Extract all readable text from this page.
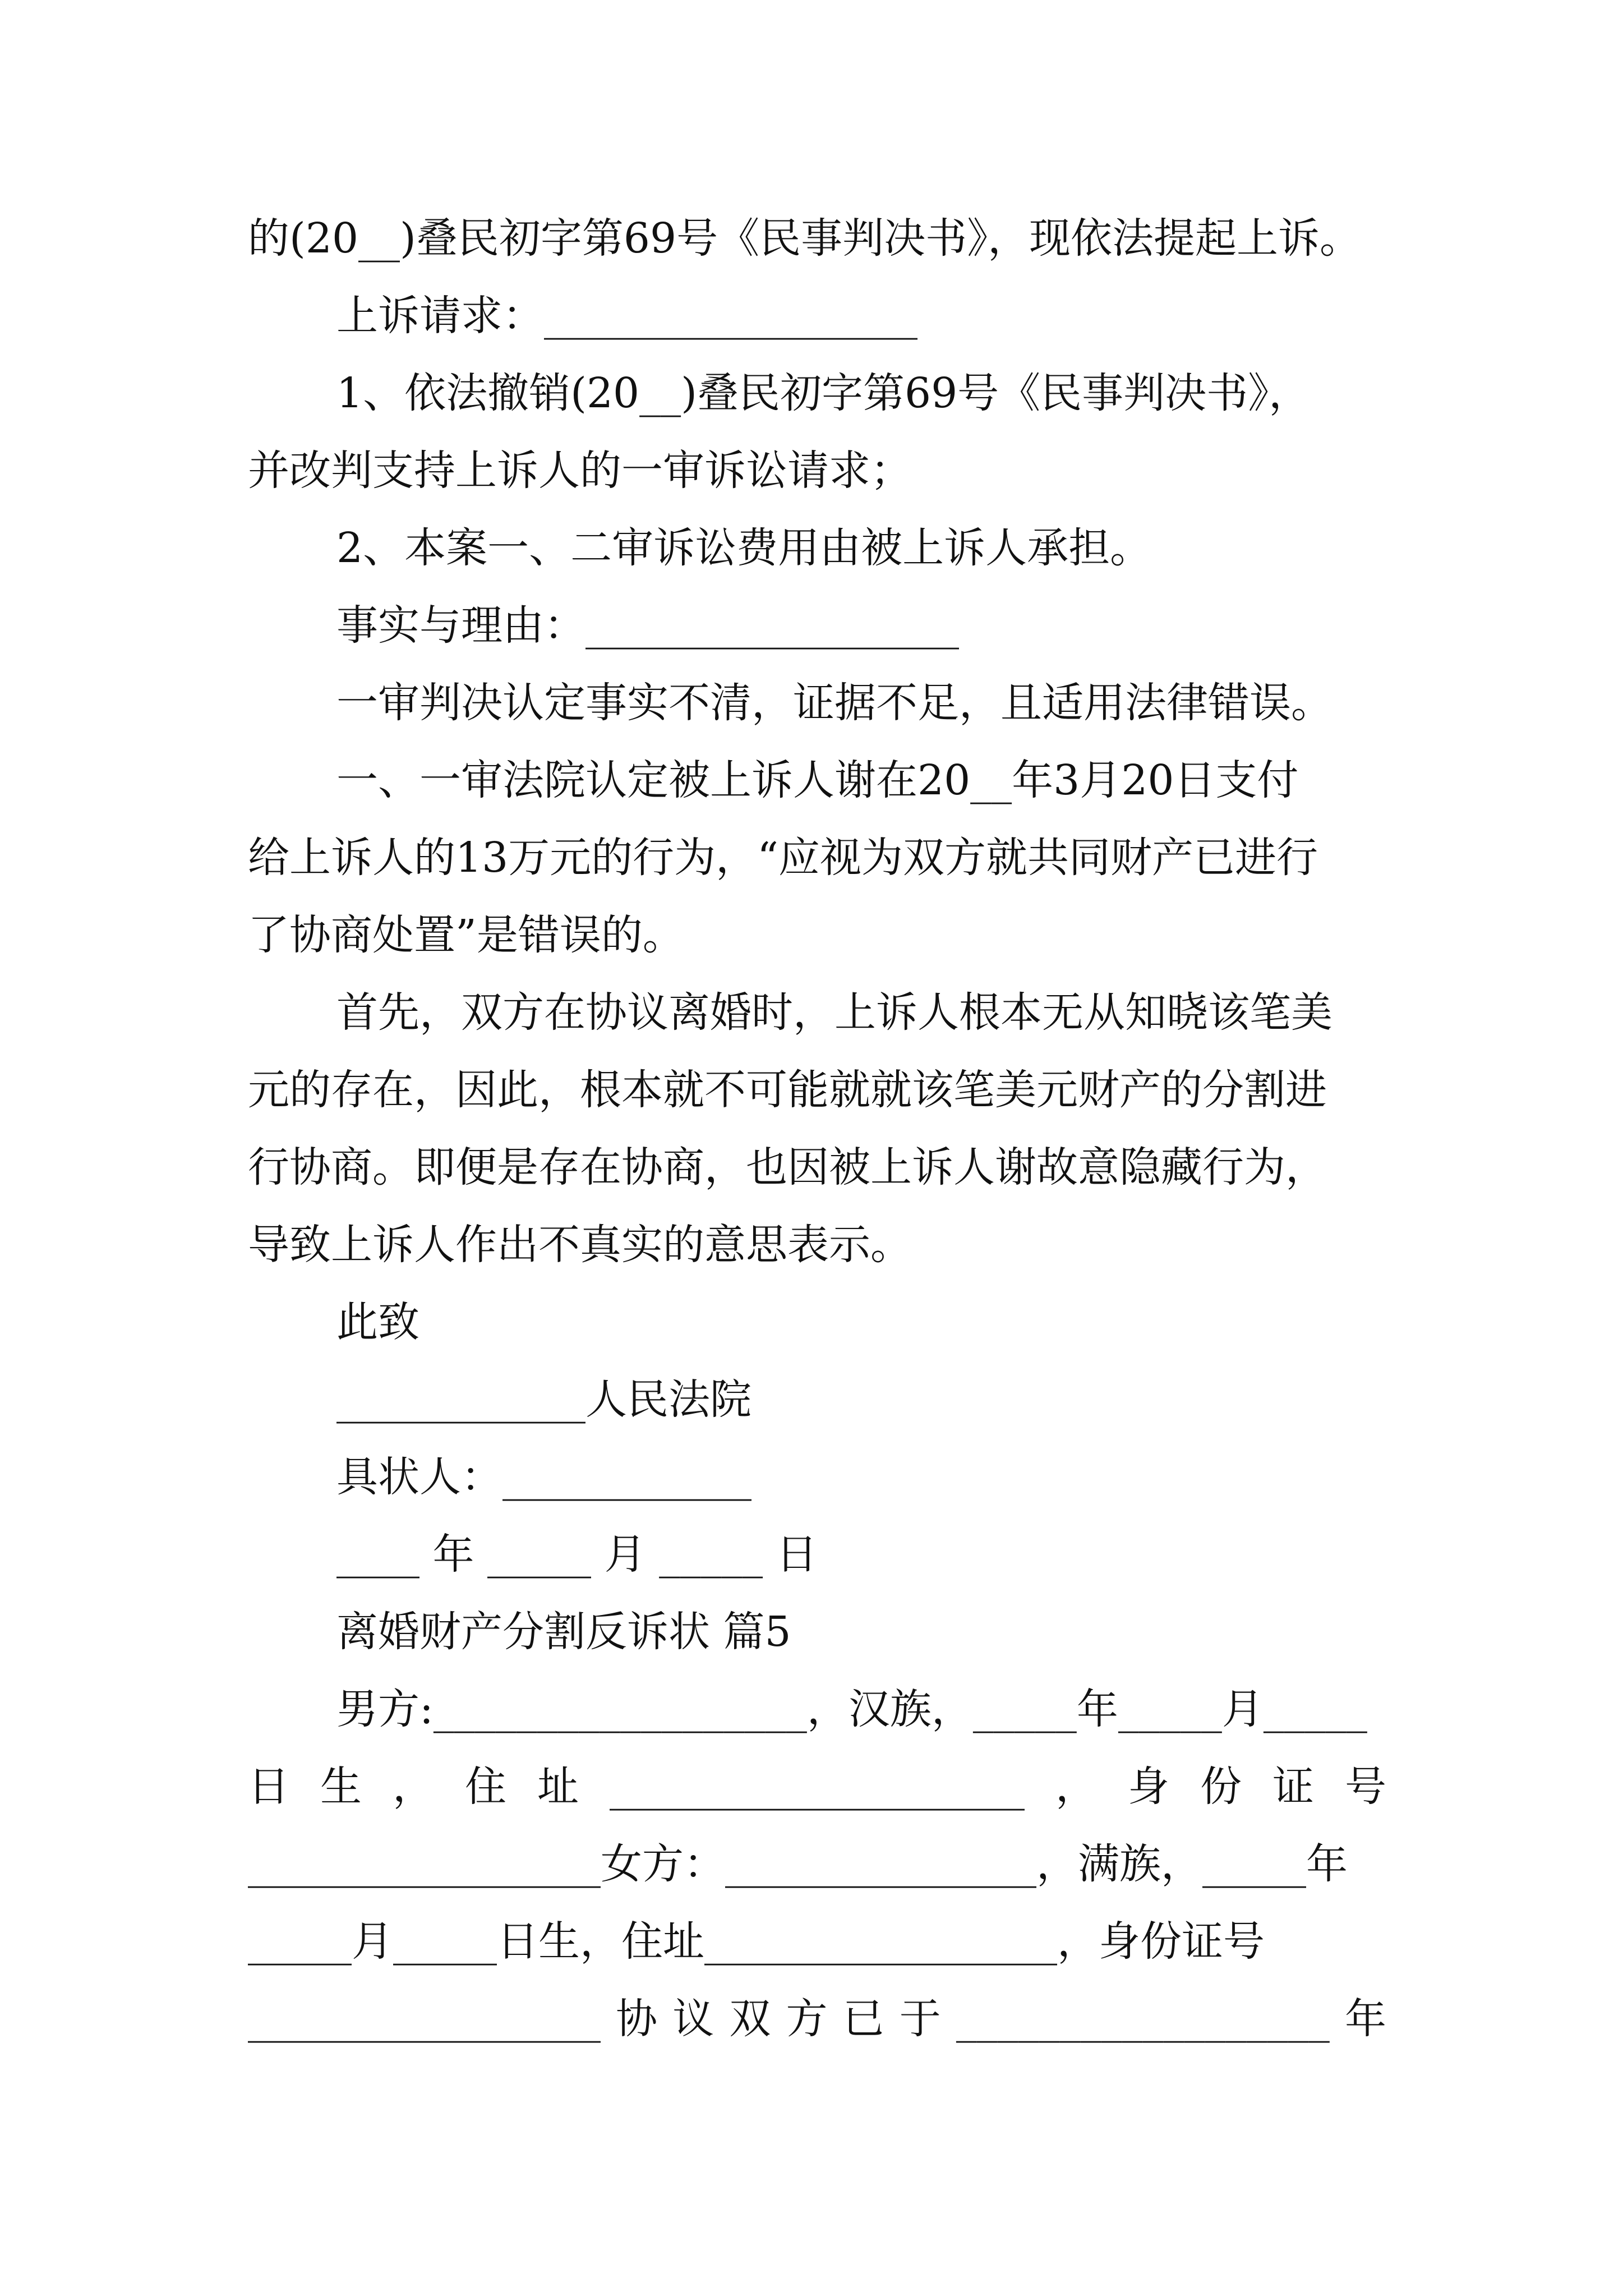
的(20__)叠民初字第69号《民事判决书》，现依法提起上诉。
上诉请求：__________________
1、依法撤销(20__)叠民初字第69号《民事判决书》，
并改判支持上诉人的一审诉讼请求；
2、本案一、二审诉讼费用由被上诉人承担。
事实与理由：__________________
一审判决认定事实不清，证据不足，且适用法律错误。
一、一审法院认定被上诉人谢在20__年3月20日支付
给上诉人的13万元的行为，“应视为双方就共同财产已进行
了协商处置”是错误的。
首先，双方在协议离婚时，上诉人根本无从知晓该笔美
元的存在，因此，根本就不可能就就该笔美元财产的分割进
行协商。即便是存在协商，也因被上诉人谢故意隐藏行为，
导致上诉人作出不真实的意思表示。
此致
____________人民法院
具状人：____________
____ 年 _____ 月 _____ 日
离婚财产分割反诉状 篇5
男方:__________________，汉族，_____年_____月_____
日 生 ， 住 址 ____________________ ， 身 份 证 号
_________________女方：_______________，满族，_____年
_____月_____日生，住址_________________，身份证号
_________________ 协 议 双 方 已 于 __________________ 年
